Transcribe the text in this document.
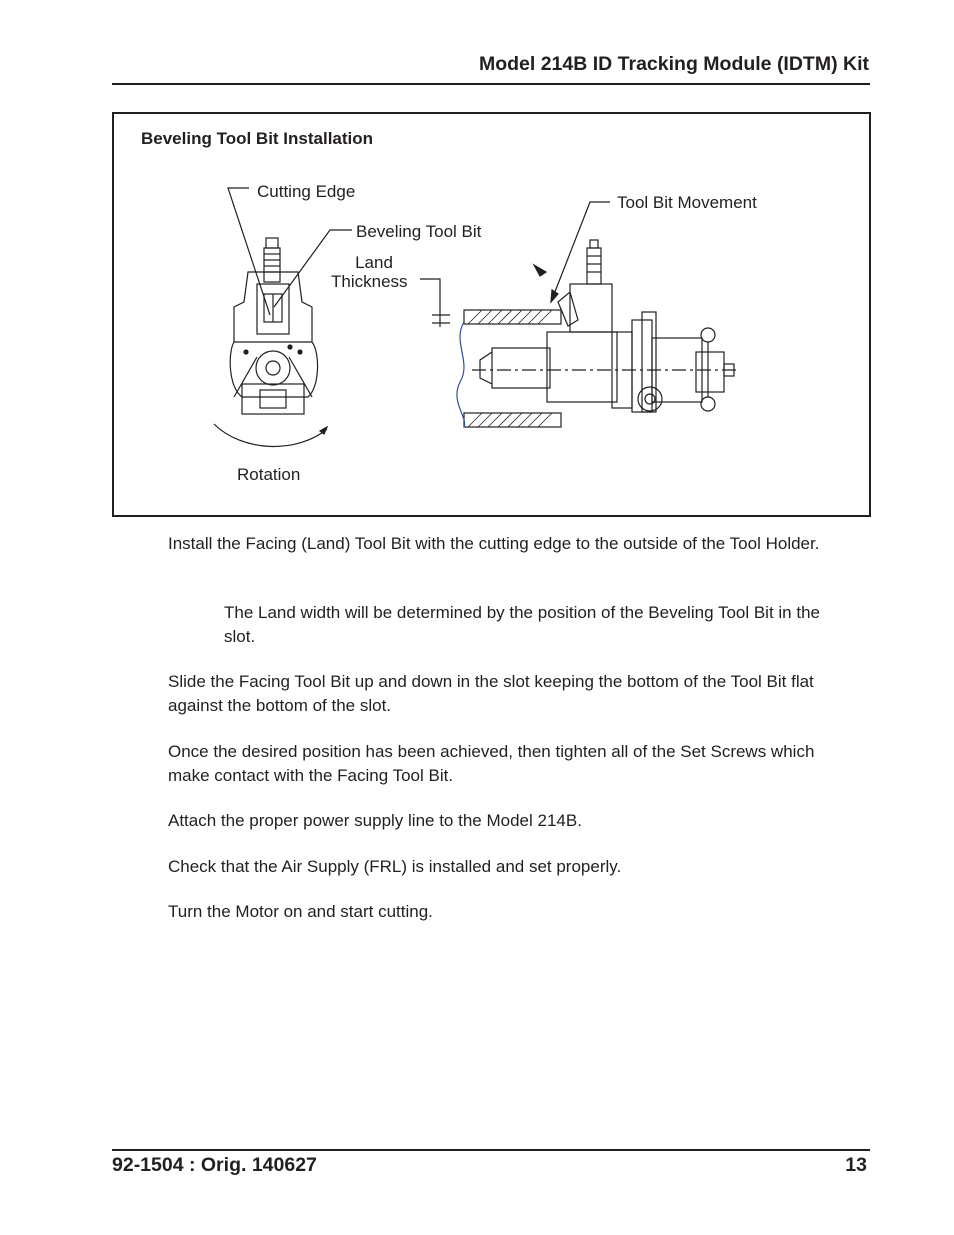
Model 214B ID Tracking Module (IDTM) Kit
Beveling Tool Bit Installation
Cutting Edge
Beveling Tool Bit
Land
Thickness
Tool Bit Movement
Rotation

Install the Facing (Land) Tool Bit with the cutting edge to the outside of the Tool Holder.

The Land width will be determined by the position of the Beveling Tool Bit in the slot.

Slide the Facing Tool Bit up and down in the slot keeping the bottom of the Tool Bit flat against the bottom of the slot.

Once the desired position has been achieved, then tighten all of the Set Screws which make contact with the Facing Tool Bit.

Attach the proper power supply line to the Model 214B.

Check that the Air Supply (FRL) is installed and set properly.

Turn the Motor on and start cutting.

92-1504 : Orig. 140627	13
